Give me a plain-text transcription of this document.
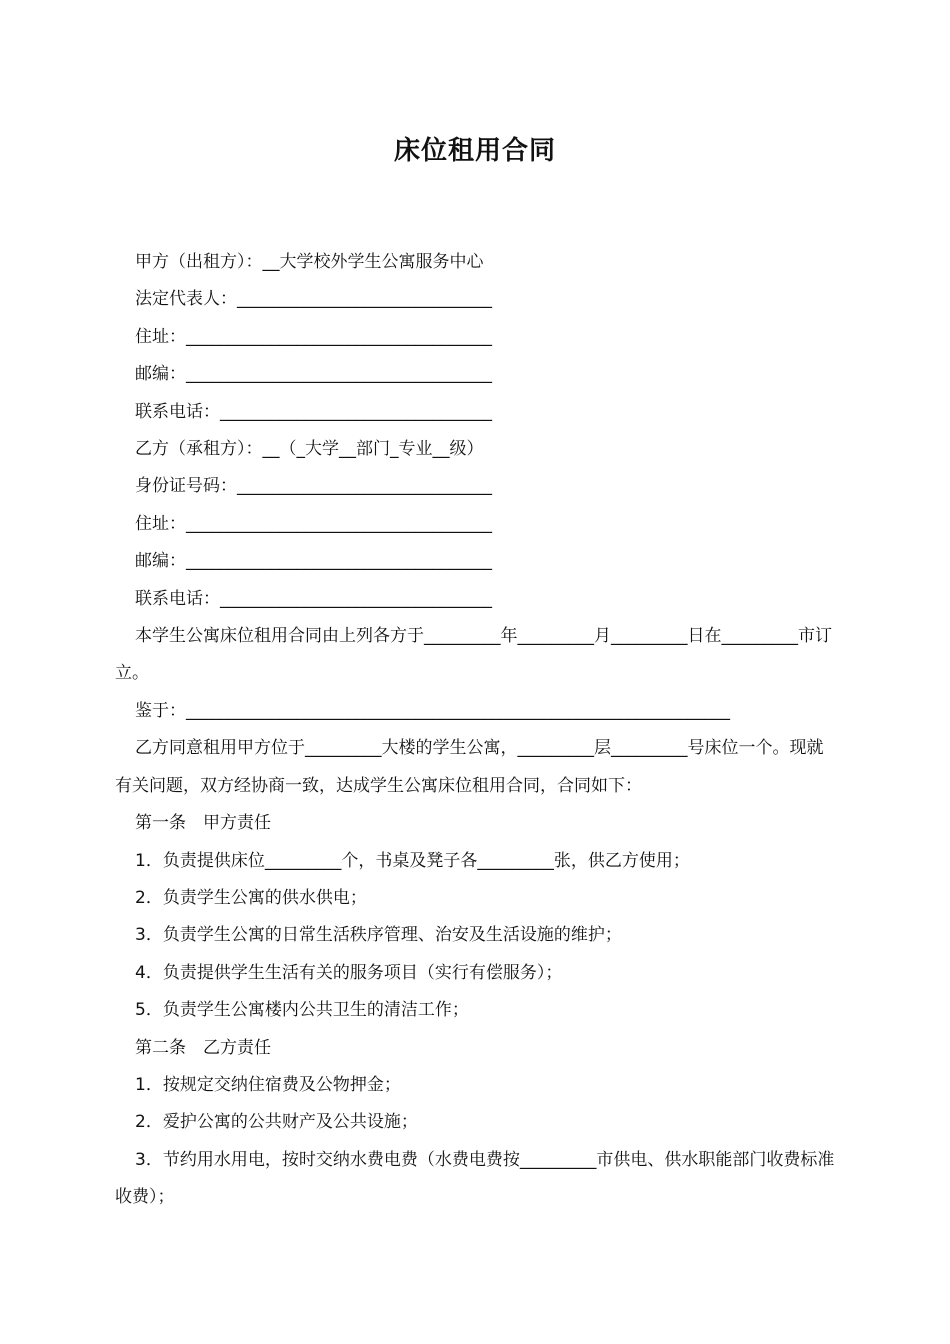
床位租用合同

甲方（出租方）：__大学校外学生公寓服务中心

法定代表人：______________________________

住址：____________________________________

邮编：____________________________________

联系电话：________________________________

乙方（承租方）：__（_大学__部门_专业__级）

身份证号码：______________________________

住址：____________________________________

邮编：____________________________________

联系电话：________________________________

本学生公寓床位租用合同由上列各方于_________年_________月_________日在_________市订立。

鉴于：________________________________________________________________

乙方同意租用甲方位于_________大楼的学生公寓，_________层_________号床位一个。现就有关问题，双方经协商一致，达成学生公寓床位租用合同，合同如下：

第一条　甲方责任

1．负责提供床位_________个，书桌及凳子各_________张，供乙方使用；

2．负责学生公寓的供水供电；

3．负责学生公寓的日常生活秩序管理、治安及生活设施的维护；

4．负责提供学生生活有关的服务项目（实行有偿服务）；

5．负责学生公寓楼内公共卫生的清洁工作；

第二条　乙方责任

1．按规定交纳住宿费及公物押金；

2．爱护公寓的公共财产及公共设施；

3．节约用水用电，按时交纳水费电费（水费电费按_________市供电、供水职能部门收费标准收费）；
